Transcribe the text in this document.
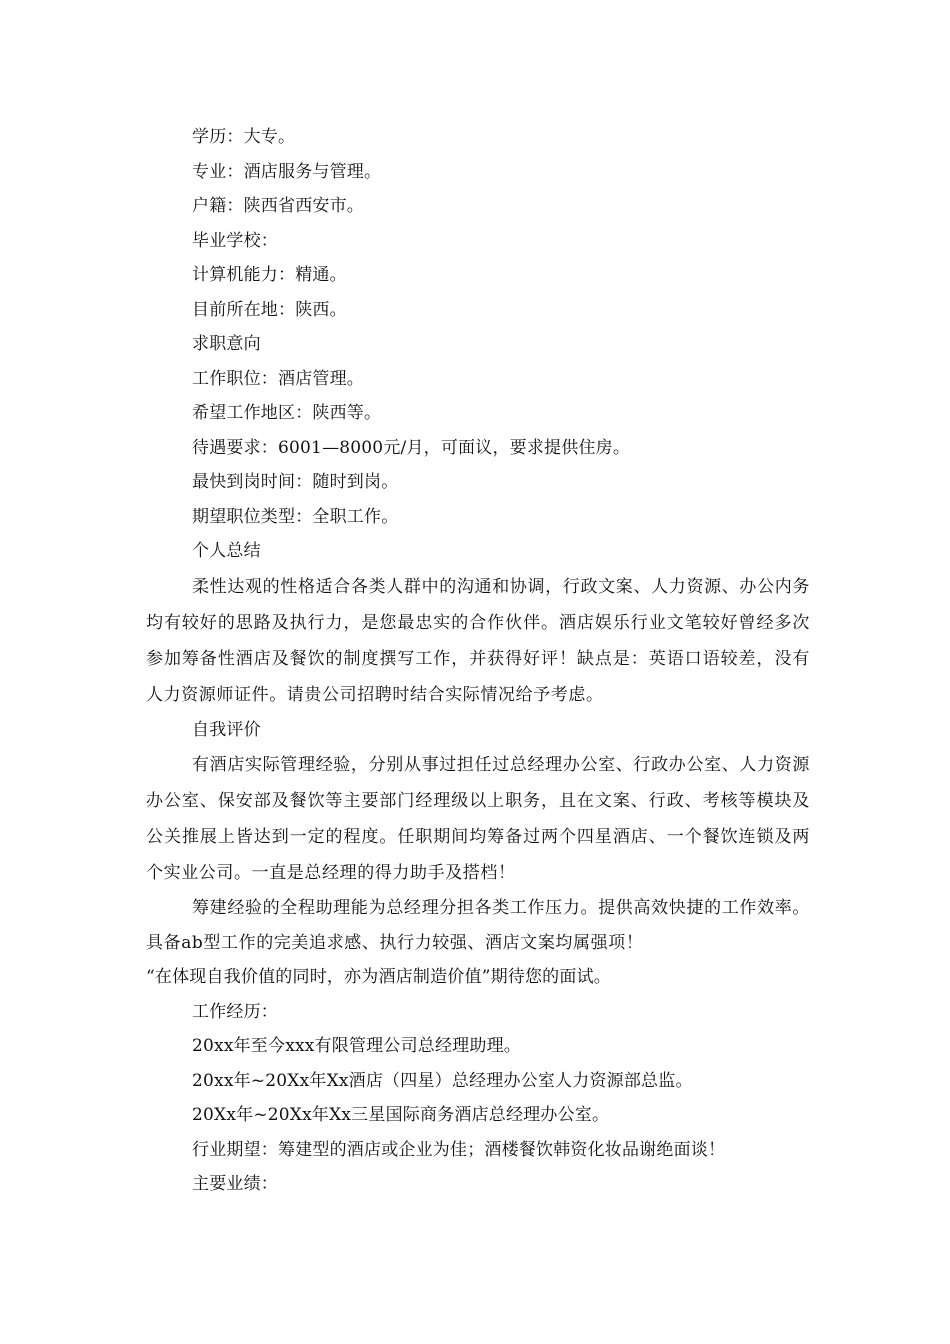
学历：大专。
专业：酒店服务与管理。
户籍：陕西省西安市。
毕业学校：
计算机能力：精通。
目前所在地：陕西。
求职意向
工作职位：酒店管理。
希望工作地区：陕西等。
待遇要求：6001—8000元/月，可面议，要求提供住房。
最快到岗时间：随时到岗。
期望职位类型：全职工作。
个人总结

柔性达观的性格适合各类人群中的沟通和协调，行政文案、人力资源、办公内务均有较好的思路及执行力，是您最忠实的合作伙伴。酒店娱乐行业文笔较好曾经多次参加筹备性酒店及餐饮的制度撰写工作，并获得好评！缺点是：英语口语较差，没有人力资源师证件。请贵公司招聘时结合实际情况给予考虑。

自我评价

有酒店实际管理经验，分别从事过担任过总经理办公室、行政办公室、人力资源办公室、保安部及餐饮等主要部门经理级以上职务，且在文案、行政、考核等模块及公关推展上皆达到一定的程度。任职期间均筹备过两个四星酒店、一个餐饮连锁及两个实业公司。一直是总经理的得力助手及搭档！

筹建经验的全程助理能为总经理分担各类工作压力。提供高效快捷的工作效率。具备ab型工作的完美追求感、执行力较强、酒店文案均属强项！

“在体现自我价值的同时，亦为酒店制造价值”期待您的面试。
工作经历：
20xx年至今xxx有限管理公司总经理助理。
20xx年~20Xx年Xx酒店（四星）总经理办公室人力资源部总监。
20Xx年~20Xx年Xx三星国际商务酒店总经理办公室。
行业期望：筹建型的酒店或企业为佳；酒楼餐饮韩资化妆品谢绝面谈！
主要业绩：
